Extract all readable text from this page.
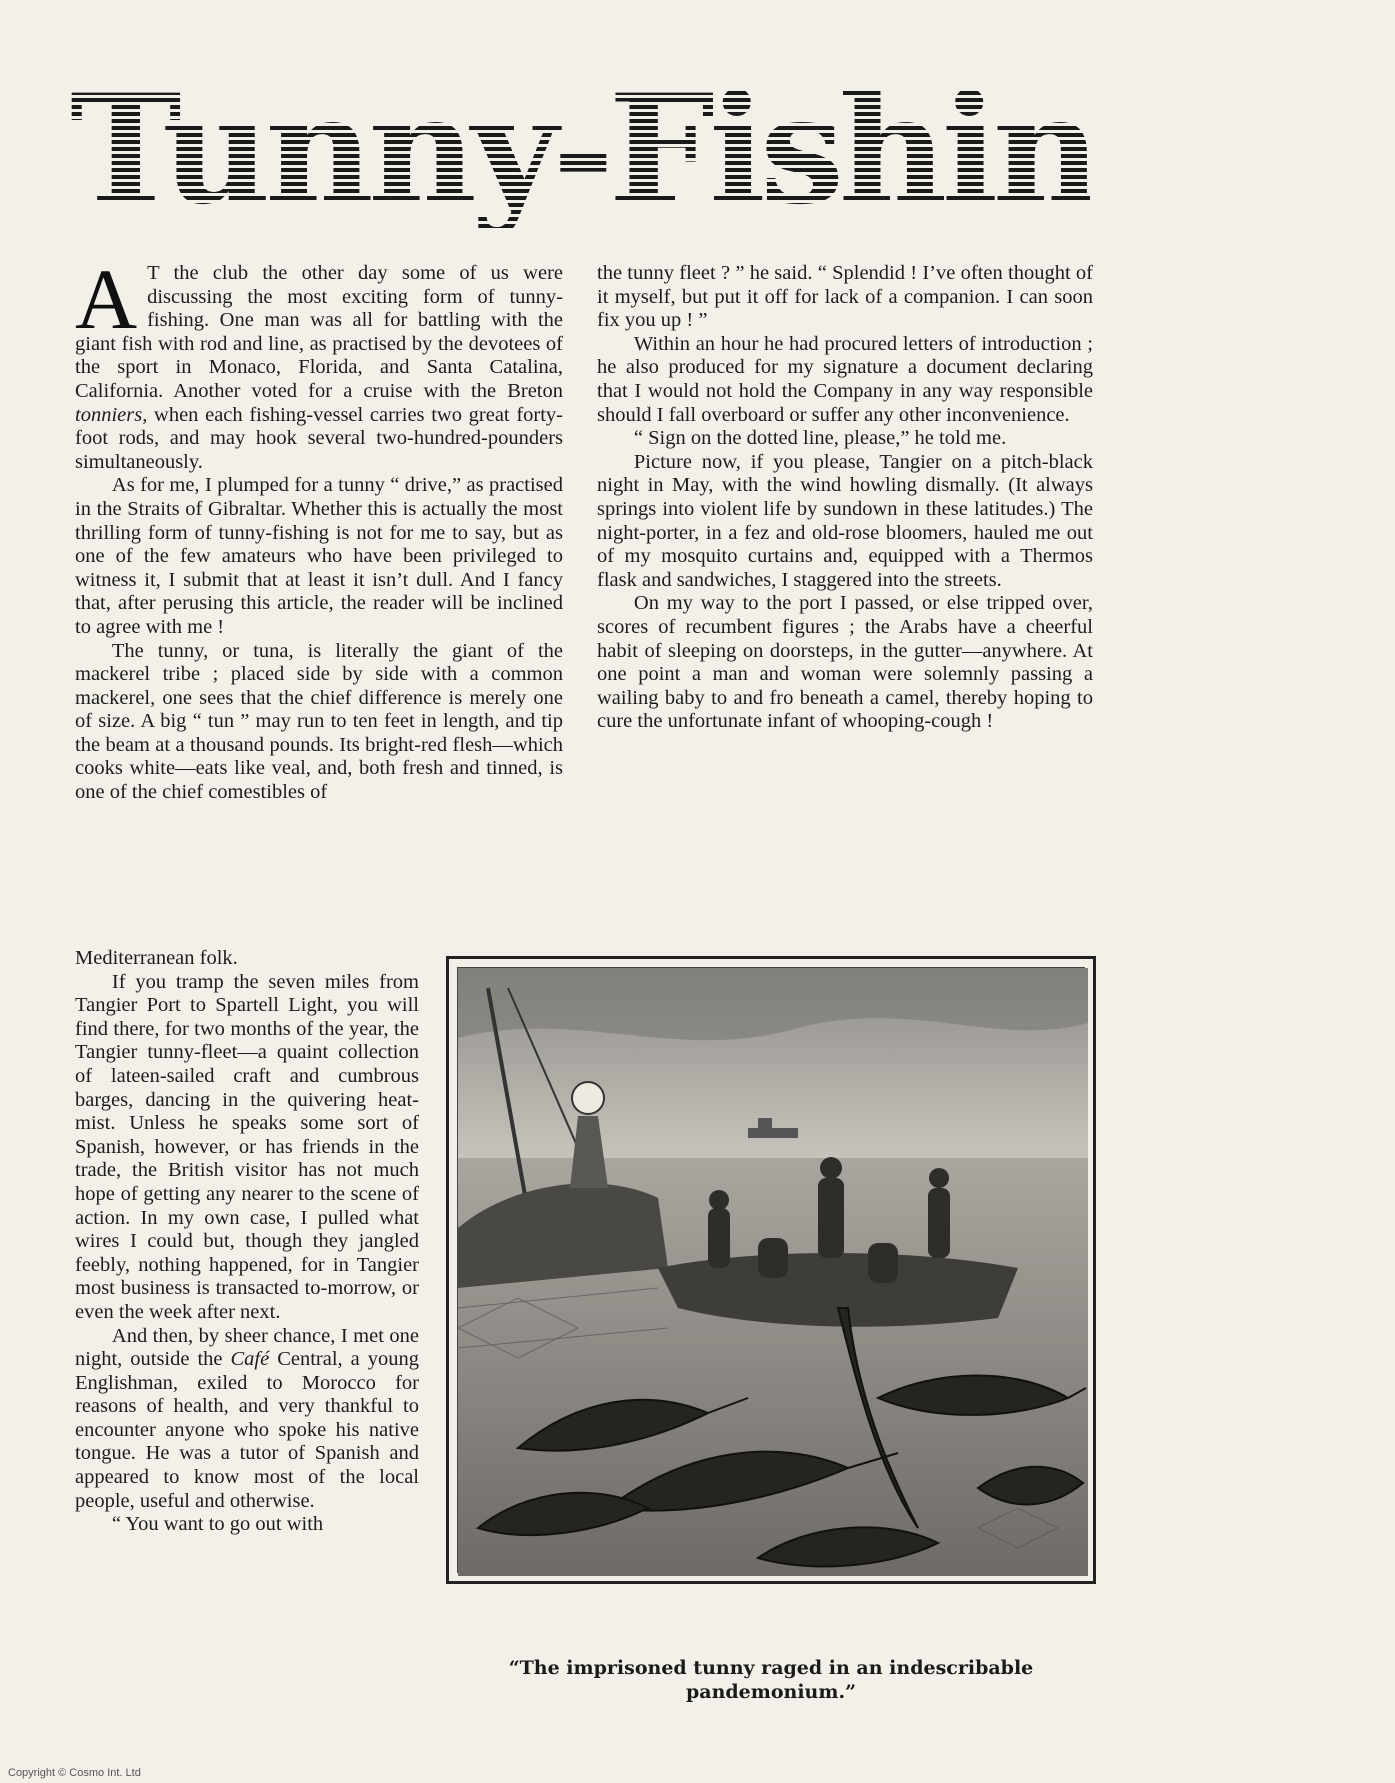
Tunny-Fishing in

A T the club the other day some of us were discussing the most exciting form of tunny-fishing. One man was all for battling with the giant fish with rod and line, as practised by the devotees of the sport in Monaco, Florida, and Santa Catalina, California. Another voted for a cruise with the Breton tonniers, when each fishing-vessel carries two great forty-foot rods, and may hook several two-hundred-pounders simultaneously.

As for me, I plumped for a tunny “ drive,” as practised in the Straits of Gibraltar. Whether this is actually the most thrilling form of tunny-fishing is not for me to say, but as one of the few amateurs who have been privileged to witness it, I submit that at least it isn’t dull. And I fancy that, after perusing this article, the reader will be inclined to agree with me !

The tunny, or tuna, is literally the giant of the mackerel tribe ; placed side by side with a common mackerel, one sees that the chief difference is merely one of size. A big “ tun ” may run to ten feet in length, and tip the beam at a thousand pounds. Its bright-red flesh—which cooks white—eats like veal, and, both fresh and tinned, is one of the chief comestibles of

Mediterranean folk.

If you tramp the seven miles from Tangier Port to Spartell Light, you will find there, for two months of the year, the Tangier tunny-fleet—a quaint collection of lateen-sailed craft and cumbrous barges, dancing in the quivering heat-mist. Unless he speaks some sort of Spanish, however, or has friends in the trade, the British visitor has not much hope of getting any nearer to the scene of action. In my own case, I pulled what wires I could but, though they jangled feebly, nothing happened, for in Tangier most business is transacted to-morrow, or even the week after next.

And then, by sheer chance, I met one night, outside the Café Central, a young Englishman, exiled to Morocco for reasons of health, and very thankful to encounter anyone who spoke his native tongue. He was a tutor of Spanish and appeared to know most of the local people, useful and otherwise.

“ You want to go out with

the tunny fleet ? ” he said. “ Splendid ! I’ve often thought of it myself, but put it off for lack of a companion. I can soon fix you up ! ”

Within an hour he had procured letters of introduction ; he also produced for my signature a document declaring that I would not hold the Company in any way responsible should I fall overboard or suffer any other inconvenience.

“ Sign on the dotted line, please,” he told me.

Picture now, if you please, Tangier on a pitch-black night in May, with the wind howling dismally. (It always springs into violent life by sundown in these latitudes.) The night-porter, in a fez and old-rose bloomers, hauled me out of my mosquito curtains and, equipped with a Thermos flask and sandwiches, I staggered into the streets.

On my way to the port I passed, or else tripped over, scores of recumbent figures ; the Arabs have a cheerful habit of sleeping on doorsteps, in the gutter—anywhere. At one point a man and woman were solemnly passing a wailing baby to and fro beneath a camel, thereby hoping to cure the unfortunate infant of whooping-cough !

“The imprisoned tunny raged in an indescribable
pandemonium.”
Copyright © Cosmo Int. Ltd
